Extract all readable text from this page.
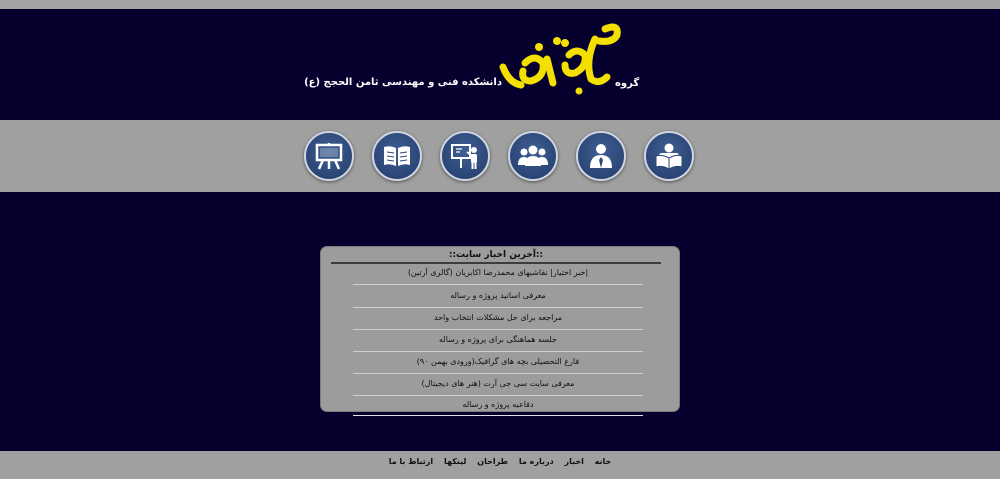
گروه
دانشکده فنی و مهندسی ثامن الحجج (ع)
::آخرین اخبار سایت::
|خبر اختیار| نقاشیهای محمدرضا اکابریان (گالری آرتین)
معرفی اساتید پروژه و رساله
مراجعه برای حل مشکلات انتخاب واحد
جلسه هماهنگی برای پروژه و رساله
فارغ التحصیلی بچه های گرافیک(ورودی بهمن ۹۰)
معرفی سایت سی جی آرت (هنر های دیجیتال)
دفاعیه پروژه و رساله
خانه اخبار درباره ما طراحان لینکها ارتباط با ما
